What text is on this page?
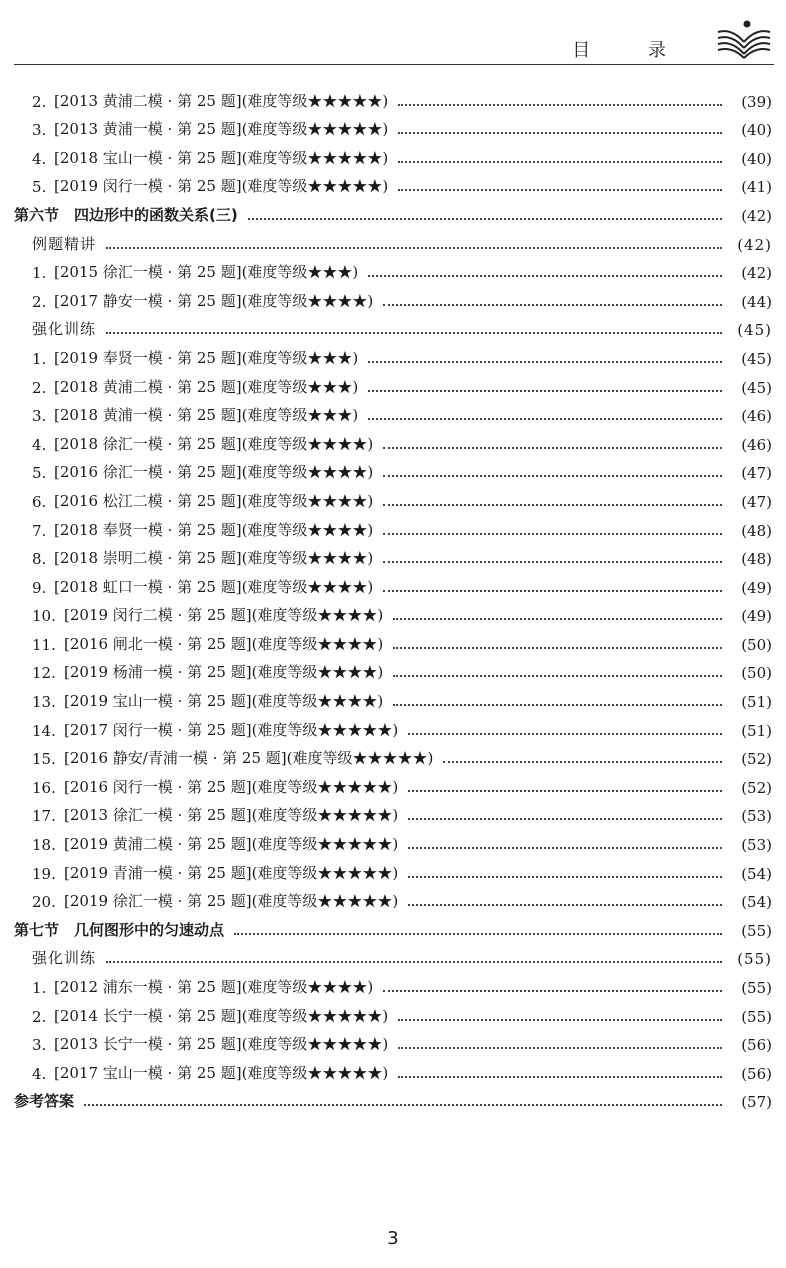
目 录
2. [2013 黄浦二模 · 第 25 题](难度等级★★★★★)	(39)
3. [2013 黄浦一模 · 第 25 题](难度等级★★★★★)	(40)
4. [2018 宝山一模 · 第 25 题](难度等级★★★★★)	(40)
5. [2019 闵行一模 · 第 25 题](难度等级★★★★★)	(41)
第六节　四边形中的函数关系(三)	(42)
例题精讲	(42)
1. [2015 徐汇一模 · 第 25 题](难度等级★★★)	(42)
2. [2017 静安一模 · 第 25 题](难度等级★★★★)	(44)
强化训练	(45)
1. [2019 奉贤一模 · 第 25 题](难度等级★★★)	(45)
2. [2018 黄浦二模 · 第 25 题](难度等级★★★)	(45)
3. [2018 黄浦一模 · 第 25 题](难度等级★★★)	(46)
4. [2018 徐汇一模 · 第 25 题](难度等级★★★★)	(46)
5. [2016 徐汇一模 · 第 25 题](难度等级★★★★)	(47)
6. [2016 松江二模 · 第 25 题](难度等级★★★★)	(47)
7. [2018 奉贤一模 · 第 25 题](难度等级★★★★)	(48)
8. [2018 崇明二模 · 第 25 题](难度等级★★★★)	(48)
9. [2018 虹口一模 · 第 25 题](难度等级★★★★)	(49)
10. [2019 闵行二模 · 第 25 题](难度等级★★★★)	(49)
11. [2016 闸北一模 · 第 25 题](难度等级★★★★)	(50)
12. [2019 杨浦一模 · 第 25 题](难度等级★★★★)	(50)
13. [2019 宝山一模 · 第 25 题](难度等级★★★★)	(51)
14. [2017 闵行一模 · 第 25 题](难度等级★★★★★)	(51)
15. [2016 静安/青浦一模 · 第 25 题](难度等级★★★★★)	(52)
16. [2016 闵行一模 · 第 25 题](难度等级★★★★★)	(52)
17. [2013 徐汇一模 · 第 25 题](难度等级★★★★★)	(53)
18. [2019 黄浦二模 · 第 25 题](难度等级★★★★★)	(53)
19. [2019 青浦一模 · 第 25 题](难度等级★★★★★)	(54)
20. [2019 徐汇一模 · 第 25 题](难度等级★★★★★)	(54)
第七节　几何图形中的匀速动点	(55)
强化训练	(55)
1. [2012 浦东一模 · 第 25 题](难度等级★★★★)	(55)
2. [2014 长宁一模 · 第 25 题](难度等级★★★★★)	(55)
3. [2013 长宁一模 · 第 25 题](难度等级★★★★★)	(56)
4. [2017 宝山一模 · 第 25 题](难度等级★★★★★)	(56)
参考答案	(57)
3
